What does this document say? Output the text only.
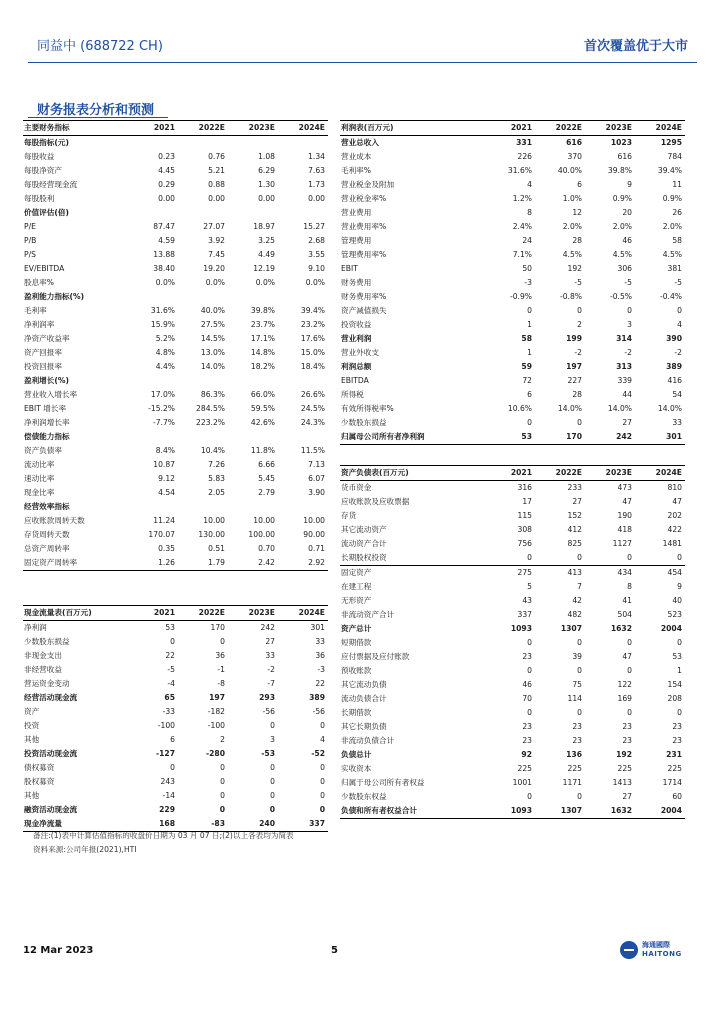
同益中 (688722 CH)	首次覆盖优于大市
财务报表分析和预测
主要财务指标	2021	2022E	2023E	2024E
每股指标(元)				
每股收益	0.23	0.76	1.08	1.34
每股净资产	4.45	5.21	6.29	7.63
每股经营现金流	0.29	0.88	1.30	1.73
每股股利	0.00	0.00	0.00	0.00
价值评估(倍)				
P/E	87.47	27.07	18.97	15.27
P/B	4.59	3.92	3.25	2.68
P/S	13.88	7.45	4.49	3.55
EV/EBITDA	38.40	19.20	12.19	9.10
股息率%	0.0%	0.0%	0.0%	0.0%
盈利能力指标(%)				
毛利率	31.6%	40.0%	39.8%	39.4%
净利润率	15.9%	27.5%	23.7%	23.2%
净资产收益率	5.2%	14.5%	17.1%	17.6%
资产回报率	4.8%	13.0%	14.8%	15.0%
投资回报率	4.4%	14.0%	18.2%	18.4%
盈利增长(%)				
营业收入增长率	17.0%	86.3%	66.0%	26.6%
EBIT 增长率	-15.2%	284.5%	59.5%	24.5%
净利润增长率	-7.7%	223.2%	42.6%	24.3%
偿债能力指标				
资产负债率	8.4%	10.4%	11.8%	11.5%
流动比率	10.87	7.26	6.66	7.13
速动比率	9.12	5.83	5.45	6.07
现金比率	4.54	2.05	2.79	3.90
经营效率指标				
应收账款周转天数	11.24	10.00	10.00	10.00
存货周转天数	170.07	130.00	100.00	90.00
总资产周转率	0.35	0.51	0.70	0.71
固定资产周转率	1.26	1.79	2.42	2.92
利润表(百万元)	2021	2022E	2023E	2024E
营业总收入	331	616	1023	1295
营业成本	226	370	616	784
毛利率%	31.6%	40.0%	39.8%	39.4%
营业税金及附加	4	6	9	11
营业税金率%	1.2%	1.0%	0.9%	0.9%
营业费用	8	12	20	26
营业费用率%	2.4%	2.0%	2.0%	2.0%
管理费用	24	28	46	58
管理费用率%	7.1%	4.5%	4.5%	4.5%
EBIT	50	192	306	381
财务费用	-3	-5	-5	-5
财务费用率%	-0.9%	-0.8%	-0.5%	-0.4%
资产减值损失	0	0	0	0
投资收益	1	2	3	4
营业利润	58	199	314	390
营业外收支	1	-2	-2	-2
利润总额	59	197	313	389
EBITDA	72	227	339	416
所得税	6	28	44	54
有效所得税率%	10.6%	14.0%	14.0%	14.0%
少数股东损益	0	0	27	33
归属母公司所有者净利润	53	170	242	301
资产负债表(百万元)	2021	2022E	2023E	2024E
货币资金	316	233	473	810
应收账款及应收票据	17	27	47	47
存货	115	152	190	202
其它流动资产	308	412	418	422
流动资产合计	756	825	1127	1481
长期股权投资	0	0	0	0
固定资产	275	413	434	454
在建工程	5	7	8	9
无形资产	43	42	41	40
非流动资产合计	337	482	504	523
资产总计	1093	1307	1632	2004
短期借款	0	0	0	0
应付票据及应付账款	23	39	47	53
预收账款	0	0	0	1
其它流动负债	46	75	122	154
流动负债合计	70	114	169	208
长期借款	0	0	0	0
其它长期负债	23	23	23	23
非流动负债合计	23	23	23	23
负债总计	92	136	192	231
实收资本	225	225	225	225
归属于母公司所有者权益	1001	1171	1413	1714
少数股东权益	0	0	27	60
负债和所有者权益合计	1093	1307	1632	2004
现金流量表(百万元)	2021	2022E	2023E	2024E
净利润	53	170	242	301
少数股东损益	0	0	27	33
非现金支出	22	36	33	36
非经营收益	-5	-1	-2	-3
营运资金变动	-4	-8	-7	22
经营活动现金流	65	197	293	389
资产	-33	-182	-56	-56
投资	-100	-100	0	0
其他	6	2	3	4
投资活动现金流	-127	-280	-53	-52
债权募资	0	0	0	0
股权募资	243	0	0	0
其他	-14	0	0	0
融资活动现金流	229	0	0	0
现金净流量	168	-83	240	337
备注:(1)表中计算估值指标的收盘价日期为 03 月 07 日;(2)以上各表均为简表
资料来源:公司年报(2021),HTI
12 Mar 2023	5	海通國際
HAITONG
